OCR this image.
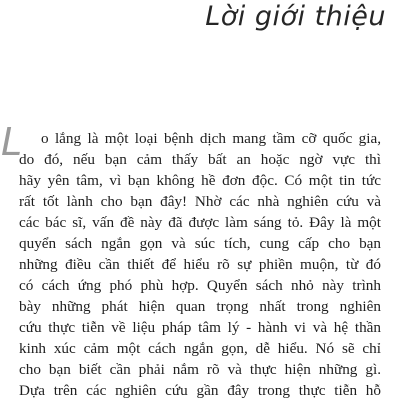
Lời giới thiệu
L	o lắng là một loại bệnh dịch mang tầm cỡ quốc gia,
do đó, nếu bạn cảm thấy bất an hoặc ngờ vực thì
hãy yên tâm, vì bạn không hề đơn độc. Có một tin tức
rất tốt lành cho bạn đây! Nhờ các nhà nghiên cứu và
các bác sĩ, vấn đề này đã được làm sáng tỏ. Đây là một
quyển sách ngắn gọn và súc tích, cung cấp cho bạn
những điều cần thiết để hiểu rõ sự phiền muộn, từ đó
có cách ứng phó phù hợp. Quyển sách nhỏ này trình
bày những phát hiện quan trọng nhất trong nghiên
cứu thực tiễn về liệu pháp tâm lý - hành vi và hệ thần
kinh xúc cảm một cách ngắn gọn, dễ hiểu. Nó sẽ chỉ
cho bạn biết cần phải nắm rõ và thực hiện những gì.
Dựa trên các nghiên cứu gần đây trong thực tiễn hỗ
